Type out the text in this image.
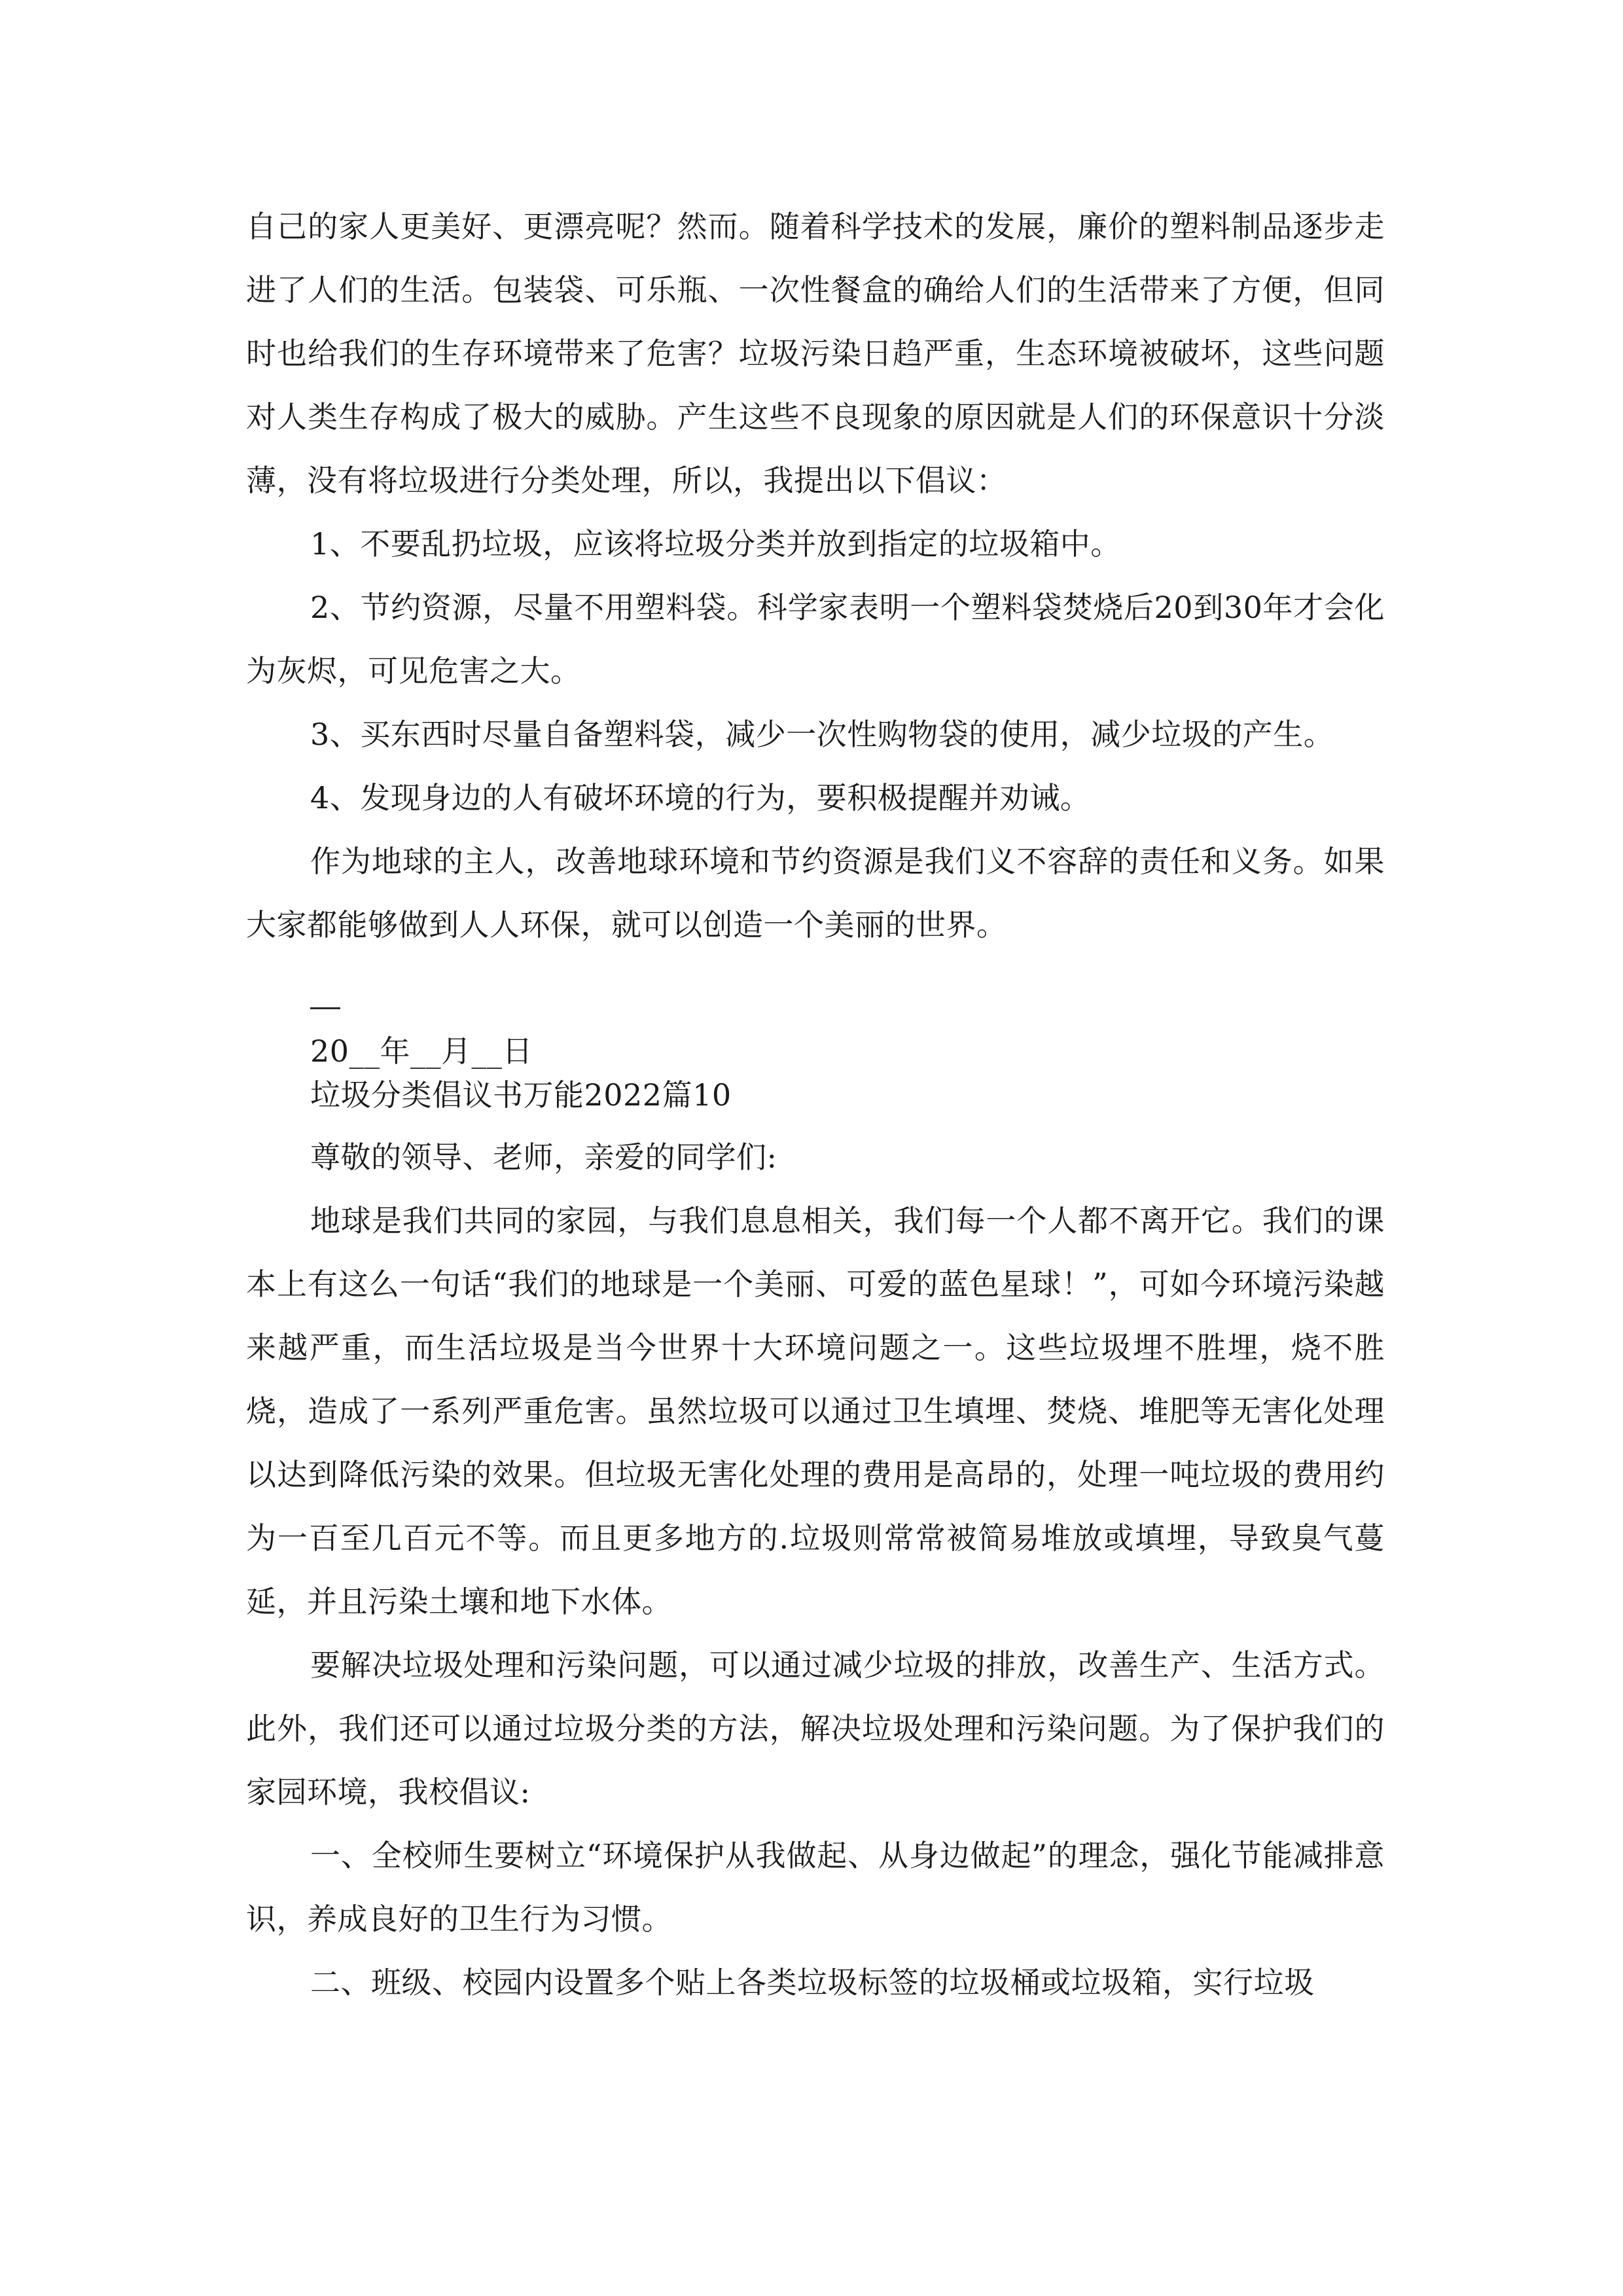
自己的家人更美好、更漂亮呢？然而。随着科学技术的发展，廉价的塑料制品逐步走进了人们的生活。包装袋、可乐瓶、一次性餐盒的确给人们的生活带来了方便，但同时也给我们的生存环境带来了危害？垃圾污染日趋严重，生态环境被破坏，这些问题对人类生存构成了极大的威胁。产生这些不良现象的原因就是人们的环保意识十分淡薄，没有将垃圾进行分类处理，所以，我提出以下倡议：

1、不要乱扔垃圾，应该将垃圾分类并放到指定的垃圾箱中。

2、节约资源，尽量不用塑料袋。科学家表明一个塑料袋焚烧后20到30年才会化为灰烬，可见危害之大。

3、买东西时尽量自备塑料袋，减少一次性购物袋的使用，减少垃圾的产生。

4、发现身边的人有破坏环境的行为，要积极提醒并劝诫。

作为地球的主人，改善地球环境和节约资源是我们义不容辞的责任和义务。如果大家都能够做到人人环保，就可以创造一个美丽的世界。

20__年__月__日
垃圾分类倡议书万能2022篇10

尊敬的领导、老师，亲爱的同学们:

地球是我们共同的家园，与我们息息相关，我们每一个人都不离开它。我们的课本上有这么一句话“我们的地球是一个美丽、可爱的蓝色星球！”，可如今环境污染越来越严重，而生活垃圾是当今世界十大环境问题之一。这些垃圾埋不胜埋，烧不胜烧，造成了一系列严重危害。虽然垃圾可以通过卫生填埋、焚烧、堆肥等无害化处理以达到降低污染的效果。但垃圾无害化处理的费用是高昂的，处理一吨垃圾的费用约为一百至几百元不等。而且更多地方的.垃圾则常常被简易堆放或填埋，导致臭气蔓延，并且污染土壤和地下水体。

要解决垃圾处理和污染问题，可以通过减少垃圾的排放，改善生产、生活方式。此外，我们还可以通过垃圾分类的方法，解决垃圾处理和污染问题。为了保护我们的家园环境，我校倡议:

一、全校师生要树立“环境保护从我做起、从身边做起”的理念，强化节能减排意识，养成良好的卫生行为习惯。

二、班级、校园内设置多个贴上各类垃圾标签的垃圾桶或垃圾箱，实行垃圾
